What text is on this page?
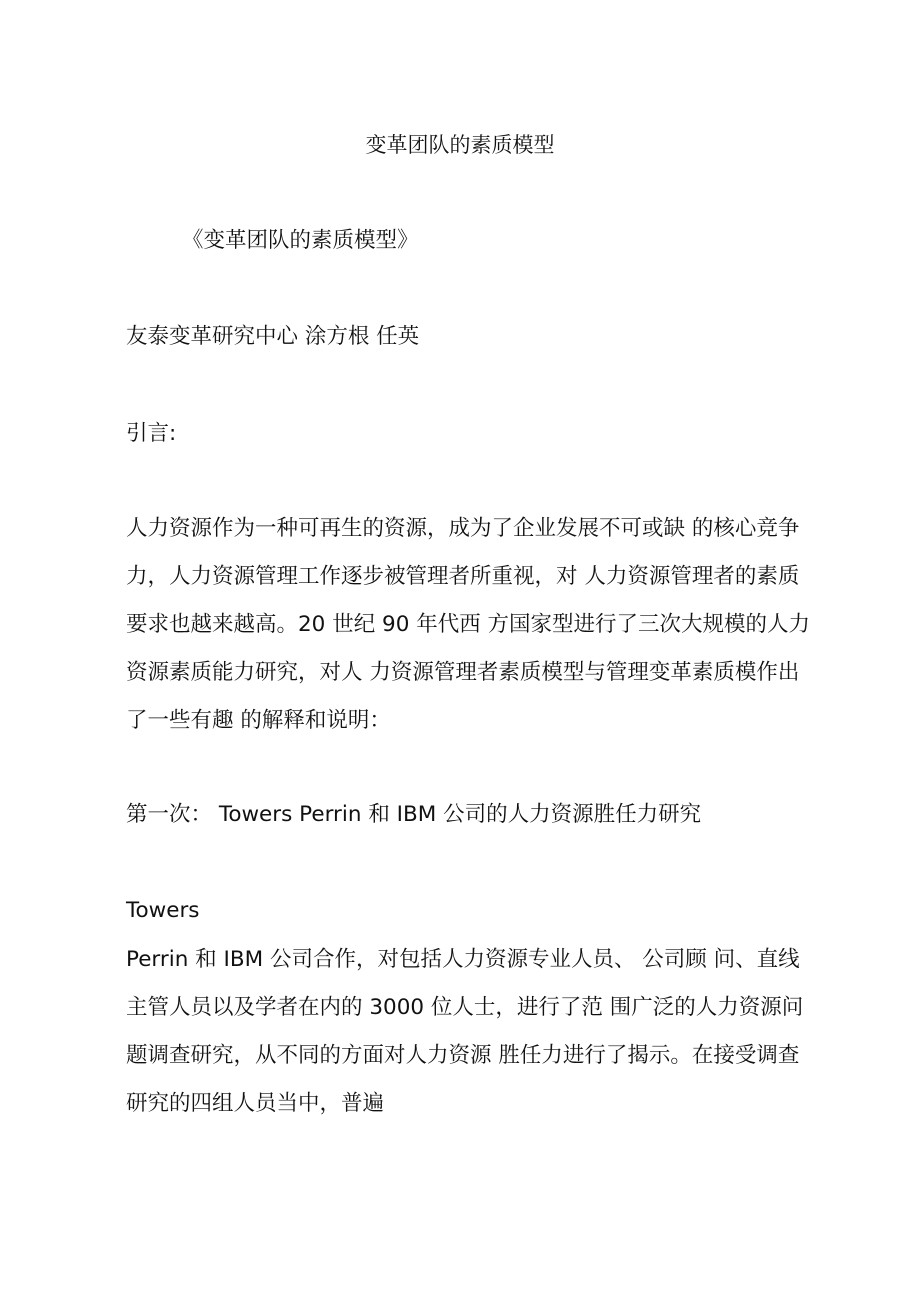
变革团队的素质模型
《变革团队的素质模型》
友泰变革研究中心 涂方根 任英
引言:
人力资源作为一种可再生的资源，成为了企业发展不可或缺 的核心竞争
力，人力资源管理工作逐步被管理者所重视，对 人力资源管理者的素质
要求也越来越高。20 世纪 90 年代西 方国家型进行了三次大规模的人力
资源素质能力研究，对人 力资源管理者素质模型与管理变革素质模作出
了一些有趣 的解释和说明：
第一次： Towers Perrin 和 IBM 公司的人力资源胜任力研究
Towers
Perrin 和 IBM 公司合作，对包括人力资源专业人员、 公司顾 问、直线
主管人员以及学者在内的 3000 位人士，进行了范 围广泛的人力资源问
题调查研究，从不同的方面对人力资源 胜任力进行了揭示。在接受调查
研究的四组人员当中，普遍
